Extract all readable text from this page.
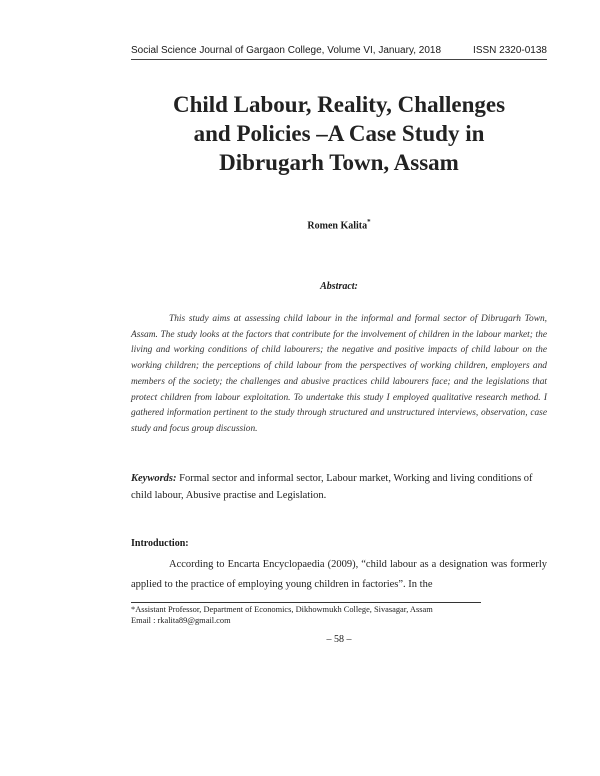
Social Science Journal of Gargaon College, Volume VI, January, 2018	ISSN 2320-0138
Child Labour, Reality, Challenges
and Policies –A Case Study in
Dibrugarh Town, Assam
Romen Kalita*
Abstract:
This study aims at assessing child labour in the informal and formal sector of Dibrugarh Town, Assam. The study looks at the factors that contribute for the involvement of children in the labour market; the living and working conditions of child labourers; the negative and positive impacts of child labour on the working children; the perceptions of child labour from the perspectives of working children, employers and members of the society; the challenges and abusive practices child labourers face; and the legislations that protect children from labour exploitation. To undertake this study I employed qualitative research method. I gathered information pertinent to the study through structured and unstructured interviews, observation, case study and focus group discussion.
Keywords: Formal sector and informal sector, Labour market, Working and living conditions of child labour, Abusive practise and Legislation.
Introduction:
According to Encarta Encyclopaedia (2009), “child labour as a designation was formerly applied to the practice of employing young children in factories”. In the
*Assistant Professor, Department of Economics, Dikhowmukh College, Sivasagar, Assam
Email : rkalita89@gmail.com
– 58 –
